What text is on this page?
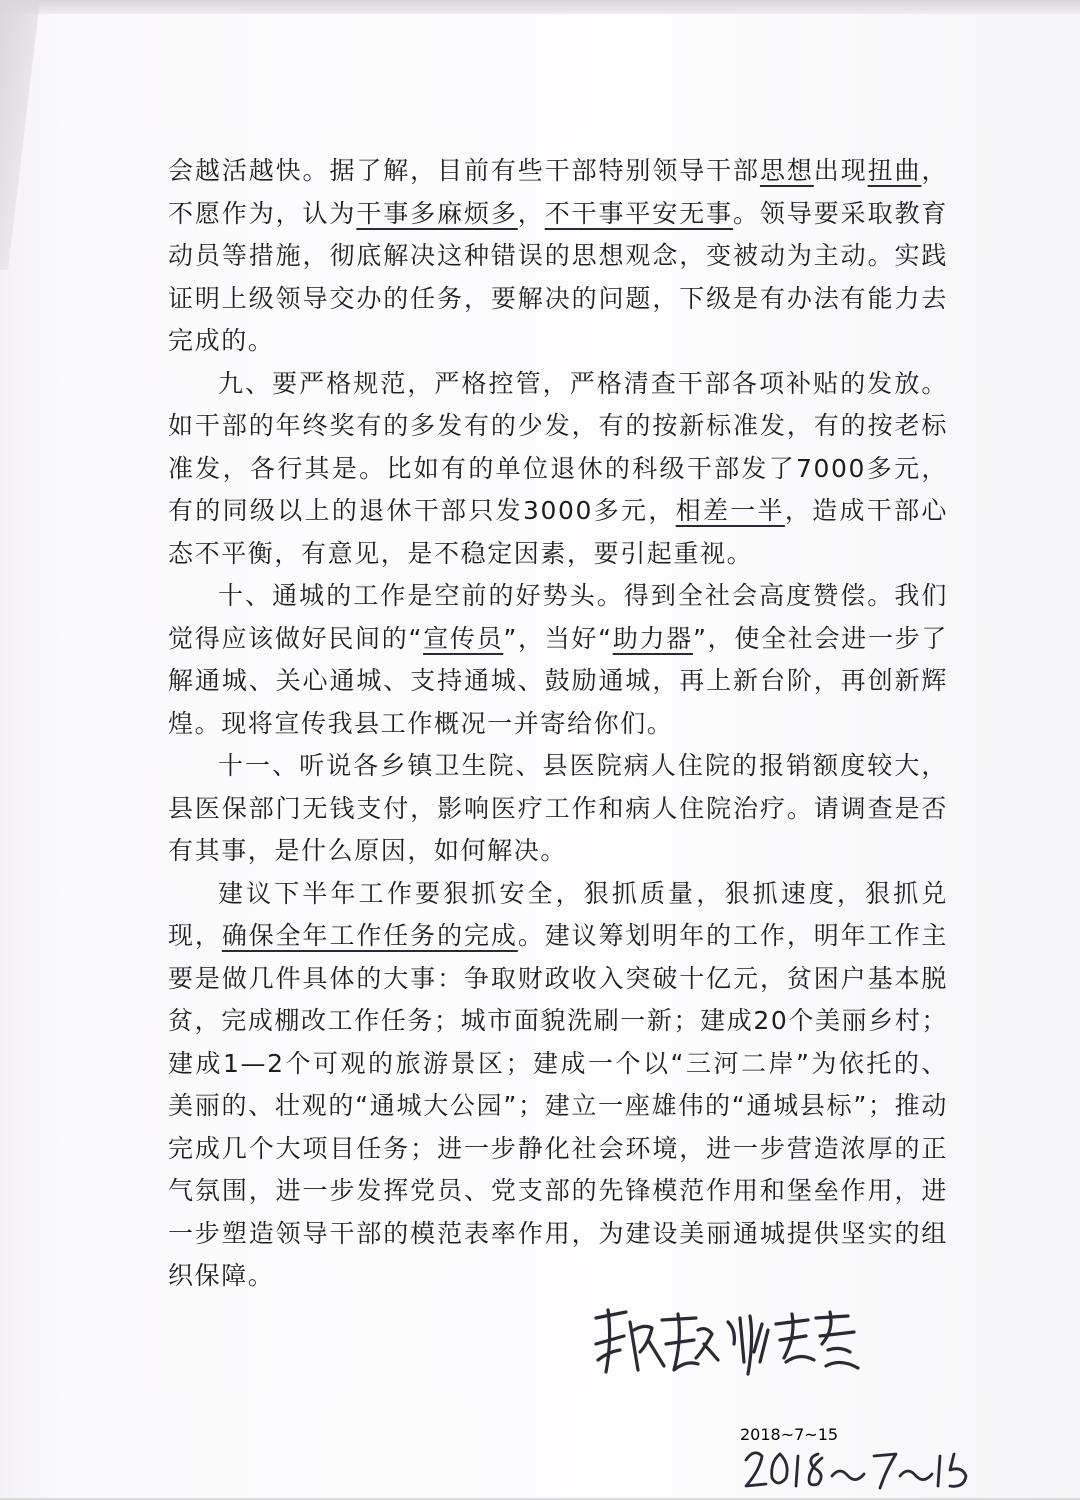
会越活越快。据了解，目前有些干部特别领导干部思想出现扭曲，不愿作为，认为干事多麻烦多，不干事平安无事。领导要采取教育动员等措施，彻底解决这种错误的思想观念，变被动为主动。实践证明上级领导交办的任务，要解决的问题，下级是有办法有能力去完成的。

九、要严格规范，严格控管，严格清查干部各项补贴的发放。如干部的年终奖有的多发有的少发，有的按新标准发，有的按老标准发，各行其是。比如有的单位退休的科级干部发了7000多元，有的同级以上的退休干部只发3000多元，相差一半，造成干部心态不平衡，有意见，是不稳定因素，要引起重视。

十、通城的工作是空前的好势头。得到全社会高度赞偿。我们觉得应该做好民间的“宣传员”，当好“助力器”，使全社会进一步了解通城、关心通城、支持通城、鼓励通城，再上新台阶，再创新辉煌。现将宣传我县工作概况一并寄给你们。

十一、听说各乡镇卫生院、县医院病人住院的报销额度较大，县医保部门无钱支付，影响医疗工作和病人住院治疗。请调查是否有其事，是什么原因，如何解决。

建议下半年工作要狠抓安全，狠抓质量，狠抓速度，狠抓兑现，确保全年工作任务的完成。建议筹划明年的工作，明年工作主要是做几件具体的大事：争取财政收入突破十亿元，贫困户基本脱贫，完成棚改工作任务；城市面貌洗刷一新；建成20个美丽乡村；建成1—2个可观的旅游景区；建成一个以“三河二岸”为依托的、美丽的、壮观的“通城大公园”；建立一座雄伟的“通城县标”；推动完成几个大项目任务；进一步静化社会环境，进一步营造浓厚的正气氛围，进一步发挥党员、党支部的先锋模范作用和堡垒作用，进一步塑造领导干部的模范表率作用，为建设美丽通城提供坚实的组织保障。

2018~7~15
